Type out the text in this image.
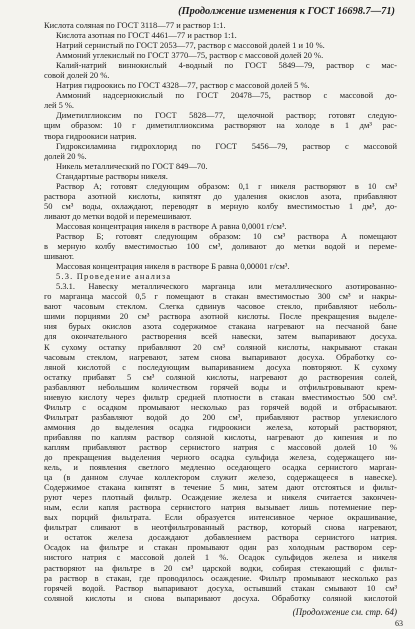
(Продолжение изменения к ГОСТ 16698.7—71)
Кислота соляная по ГОСТ 3118—77 и раствор 1:1.
Кислота азотная по ГОСТ 4461—77 и раствор 1:1.
Натрий сернистый по ГОСТ 2053—77, раствор с массовой долей 1 и 10 %.
Аммоний углекислый по ГОСТ 3770—75, раствор с массовой долей 20 %.
Калий-натрий виннокислый 4-водный по ГОСТ 5849—79, раствор с мас-
совой долей 20 %.
Натрия гидроокись по ГОСТ 4328—77, раствор с массовой долей 5 %.
Аммоний надсернокислый по ГОСТ 20478—75, раствор с массовой до-
лей 5 %.
Диметилглиоксим по ГОСТ 5828—77, щелочной раствор; готовят следую-
щим образом: 10 г диметилглиоксима растворяют на холоде в 1 дм³ рас-
твора гидроокиси натрия.
Гидроксиламина гидрохлорид по ГОСТ 5456—79, раствор с массовой
долей 20 %.
Никель металлический по ГОСТ 849—70.
Стандартные растворы никеля.
Раствор А; готовят следующим образом: 0,1 г никеля растворяют в 10 см³
раствора азотной кислоты, кипятят до удаления окислов азота, прибавляют
50 см³ воды, охлаждают, переводят в мерную колбу вместимостью 1 дм³, до-
ливают до метки водой и перемешивают.
Массовая концентрация никеля в растворе А равна 0,0001 г/см³.
Раствор Б; готовят следующим образом: 10 см³ раствора А помещают
в мерную колбу вместимостью 100 см³, доливают до метки водой и переме-
шивают.
Массовая концентрация никеля в растворе Б равна 0,00001 г/см³.
5.3. Проведение анализа
5.3.1. Навеску металлического марганца или металлического азотированно-
го марганца массой 0,5 г помещают в стакан вместимостью 300 см³ и накры-
вают часовым стеклом. Слегка сдвинув часовое стекло, прибавляют неболь-
шими порциями 20 см³ раствора азотной кислоты. После прекращения выделе-
ния бурых окислов азота содержимое стакана нагревают на песчаной бане
для окончательного растворения всей навески, затем выпаривают досуха.
К сухому остатку прибавляют 20 см³ соляной кислоты, накрывают стакан
часовым стеклом, нагревают, затем снова выпаривают досуха. Обработку со-
ляной кислотой с последующим выпариванием досуха повторяют. К сухому
остатку прибавят 5 см³ соляной кислоты, нагревают до растворения солей,
разбавляют небольшим количеством горячей воды и отфильтровывают крем-
ниевую кислоту через фильтр средней плотности в стакан вместимостью 500 см³.
Фильтр с осадком промывают несколько раз горячей водой и отбрасывают.
Фильтрат разбавляют водой до 200 см³, прибавляют раствор углекислого
аммония до выделения осадка гидроокиси железа, который растворяют,
прибавляя по каплям раствор соляной кислоты, нагревают до кипения и по
каплям прибавляют раствор сернистого натрия с массовой долей 10 %
до прекращения выделения черного осадка сульфида железа, содержащего ни-
кель, и появления светлого медленно оседающего осадка сернистого марган-
ца (в данном случае коллектором служит железо, содержащееся в навеске).
Содержимое стакана кипятят в течение 5 мин, затем дают отстояться и фильт-
руют через плотный фильтр. Осаждение железа и никеля считается закончен-
ным, если капля раствора сернистого натрия вызывает лишь потемнение пер-
вых порций фильтрата. Если образуется интенсивное черное окрашивание,
фильтрат сливают в неотфильтрованный раствор, который снова нагревают,
и остаток железа досаждают добавлением раствора сернистого натрия.
Осадок на фильтре и стакан промывают один раз холодным раствором сер-
нистого натрия с массовой долей 1 %. Осадок сульфидов железа и никеля
растворяют на фильтре в 20 см³ царской водки, собирая стекающий с фильт-
ра раствор в стакан, где проводилось осаждение. Фильтр промывают несколько раз
горячей водой. Раствор выпаривают досуха, остывший стакан смывают 10 см³
соляной кислоты и снова выпаривают досуха. Обработку соляной кислотой
(Продолжение см. стр. 64)
63
